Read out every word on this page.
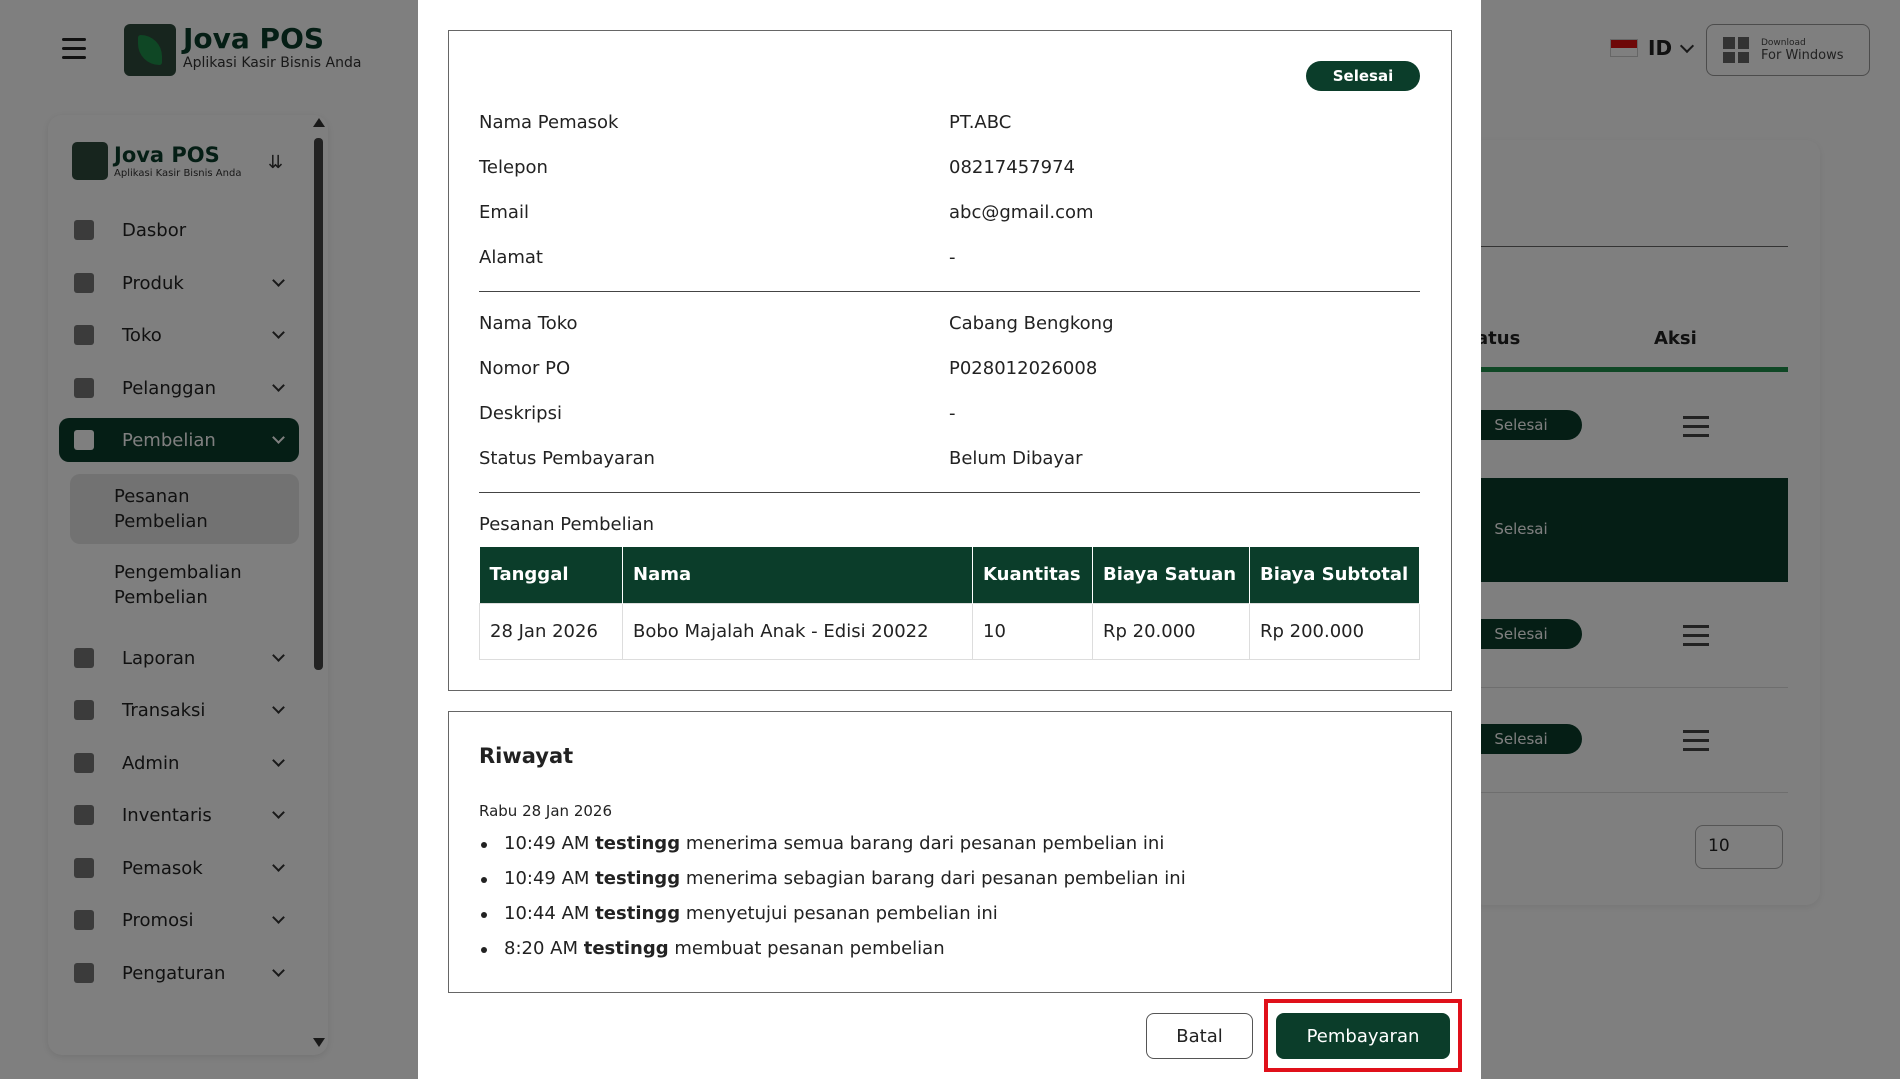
Selesai
Nama Pemasok	PT.ABC
Telepon	08217457974
Email	abc@gmail.com
Alamat	-
Nama Toko	Cabang Bengkong
Nomor PO	P028012026008
Deskripsi	-
Status Pembayaran	Belum Dibayar
Pesanan Pembelian
Tanggal	Nama	Kuantitas	Biaya Satuan	Biaya Subtotal
28 Jan 2026	Bobo Majalah Anak - Edisi 20022	10	Rp 20.000	Rp 200.000
Riwayat
Rabu 28 Jan 2026
10:49 AM testingg menerima semua barang dari pesanan pembelian ini
10:49 AM testingg menerima sebagian barang dari pesanan pembelian ini
10:44 AM testingg menyetujui pesanan pembelian ini
8:20 AM testingg membuat pesanan pembelian
Batal	Pembayaran
